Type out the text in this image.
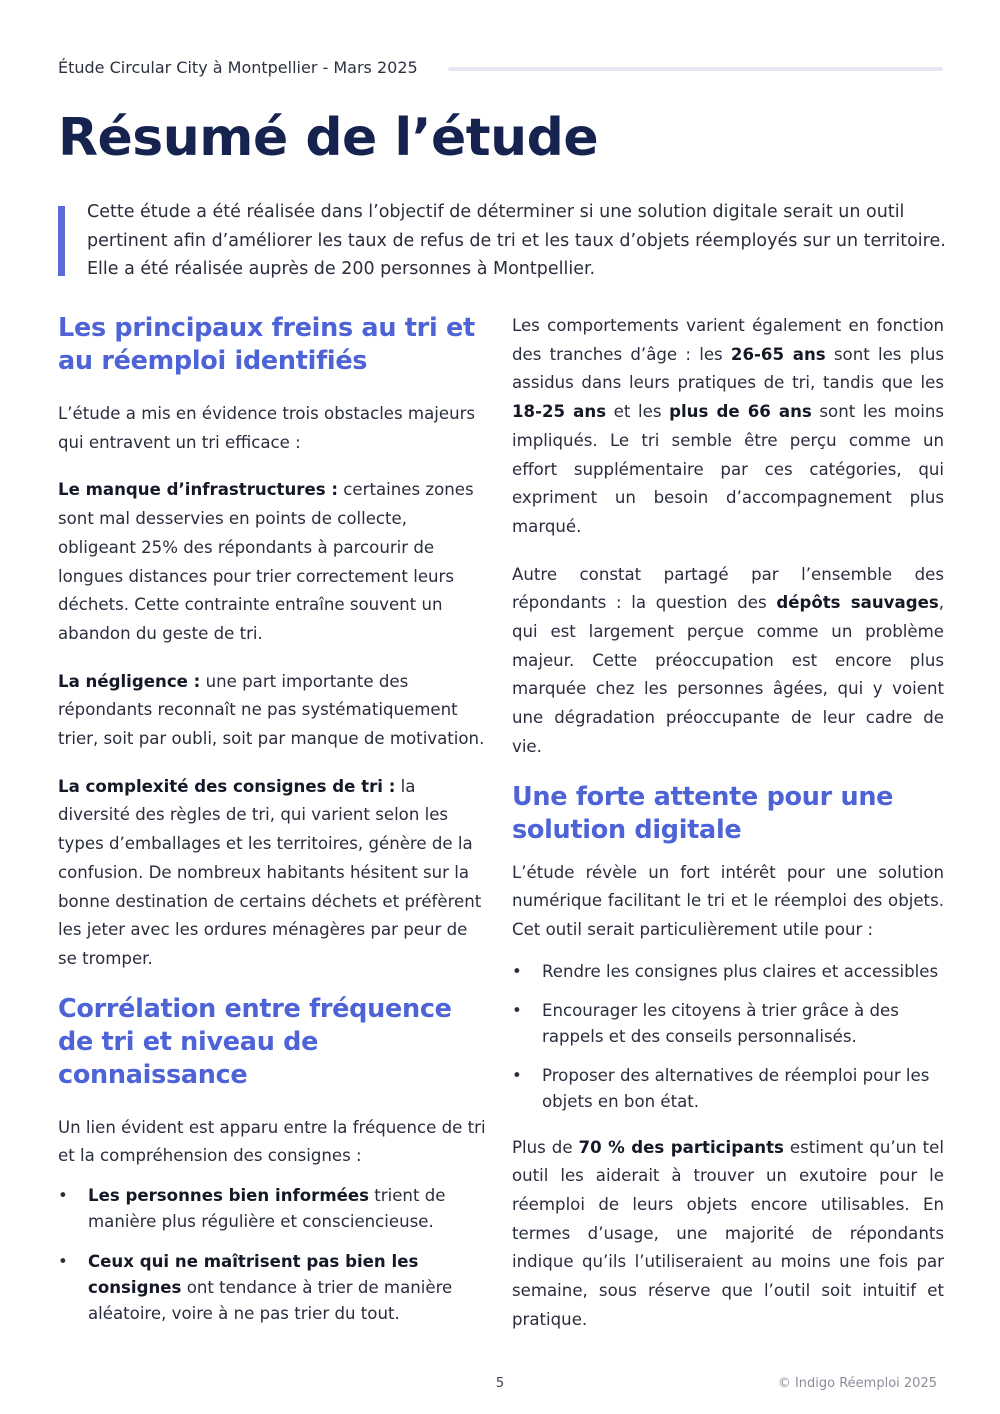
Étude Circular City à Montpellier - Mars 2025
Résumé de l’étude

Cette étude a été réalisée dans l’objectif de déterminer si une solution digitale serait un outil pertinent afin d’améliorer les taux de refus de tri et les taux d’objets réemployés sur un territoire. Elle a été réalisée auprès de 200 personnes à Montpellier.

Les principaux freins au tri et au réemploi identifiés

L’étude a mis en évidence trois obstacles majeurs qui entravent un tri efficace :

Le manque d’infrastructures : certaines zones sont mal desservies en points de collecte, obligeant 25% des répondants à parcourir de longues distances pour trier correctement leurs déchets. Cette contrainte entraîne souvent un abandon du geste de tri.

La négligence : une part importante des répondants reconnaît ne pas systématiquement trier, soit par oubli, soit par manque de motivation.

La complexité des consignes de tri : la diversité des règles de tri, qui varient selon les types d’emballages et les territoires, génère de la confusion. De nombreux habitants hésitent sur la bonne destination de certains déchets et préfèrent les jeter avec les ordures ménagères par peur de se tromper.

Corrélation entre fréquence de tri et niveau de connaissance

Un lien évident est apparu entre la fréquence de tri et la compréhension des consignes :

• Les personnes bien informées trient de manière plus régulière et consciencieuse.
• Ceux qui ne maîtrisent pas bien les consignes ont tendance à trier de manière aléatoire, voire à ne pas trier du tout.

Les comportements varient également en fonction des tranches d’âge : les 26-65 ans sont les plus assidus dans leurs pratiques de tri, tandis que les 18-25 ans et les plus de 66 ans sont les moins impliqués. Le tri semble être perçu comme un effort supplémentaire par ces catégories, qui expriment un besoin d’accompagnement plus marqué.

Autre constat partagé par l’ensemble des répondants : la question des dépôts sauvages, qui est largement perçue comme un problème majeur. Cette préoccupation est encore plus marquée chez les personnes âgées, qui y voient une dégradation préoccupante de leur cadre de vie.

Une forte attente pour une solution digitale

L’étude révèle un fort intérêt pour une solution numérique facilitant le tri et le réemploi des objets. Cet outil serait particulièrement utile pour :

• Rendre les consignes plus claires et accessibles
• Encourager les citoyens à trier grâce à des rappels et des conseils personnalisés.
• Proposer des alternatives de réemploi pour les objets en bon état.

Plus de 70 % des participants estiment qu’un tel outil les aiderait à trouver un exutoire pour le réemploi de leurs objets encore utilisables. En termes d’usage, une majorité de répondants indique qu’ils l’utiliseraient au moins une fois par semaine, sous réserve que l’outil soit intuitif et pratique.

5	© Indigo Réemploi 2025
